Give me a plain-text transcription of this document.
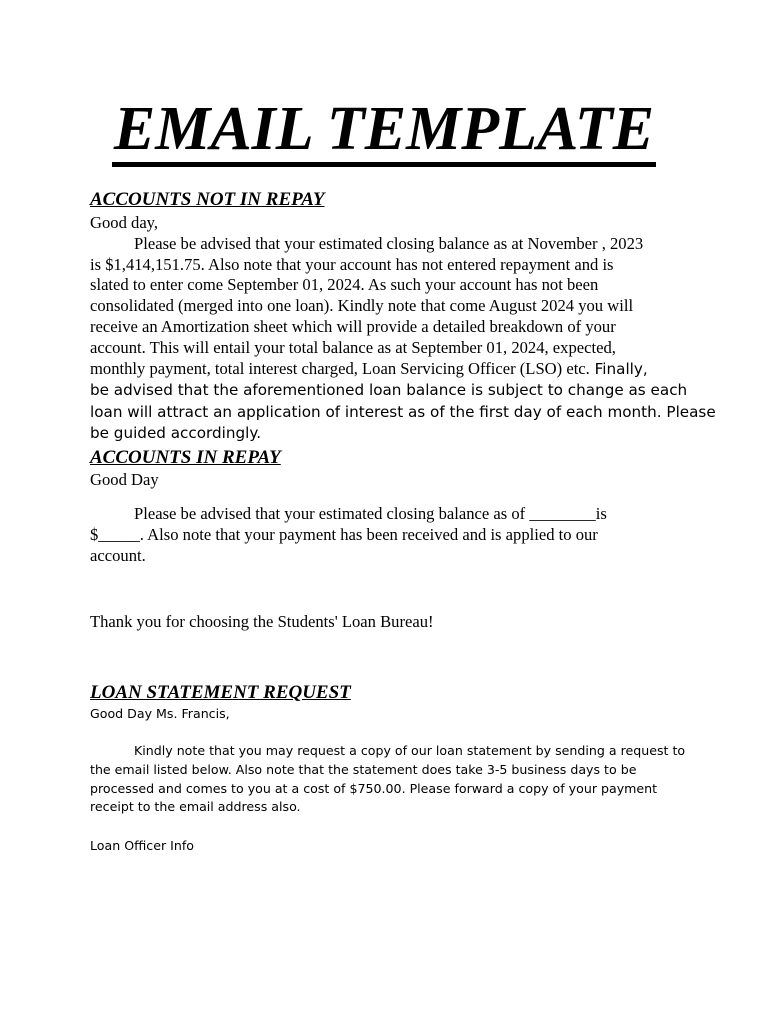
EMAIL TEMPLATE
ACCOUNTS NOT IN REPAY
Good day,
Please be advised that your estimated closing balance as at November , 2023
is $1,414,151.75. Also note that your account has not entered repayment and is
slated to enter come September 01, 2024. As such your account has not been
consolidated (merged into one loan). Kindly note that come August 2024 you will
receive an Amortization sheet which will provide a detailed breakdown of your
account. This will entail your total balance as at September 01, 2024, expected,
monthly payment, total interest charged, Loan Servicing Officer (LSO) etc. Finally,
be advised that the aforementioned loan balance is subject to change as each
loan will attract an application of interest as of the first day of each month. Please
be guided accordingly.
ACCOUNTS IN REPAY
Good Day
Please be advised that your estimated closing balance as of ________is
$_____. Also note that your payment has been received and is applied to our
account.
Thank you for choosing the Students' Loan Bureau!
LOAN STATEMENT REQUEST
Good Day Ms. Francis,
Kindly note that you may request a copy of our loan statement by sending a request to
the email listed below. Also note that the statement does take 3-5 business days to be
processed and comes to you at a cost of $750.00. Please forward a copy of your payment
receipt to the email address also.
Loan Officer Info
